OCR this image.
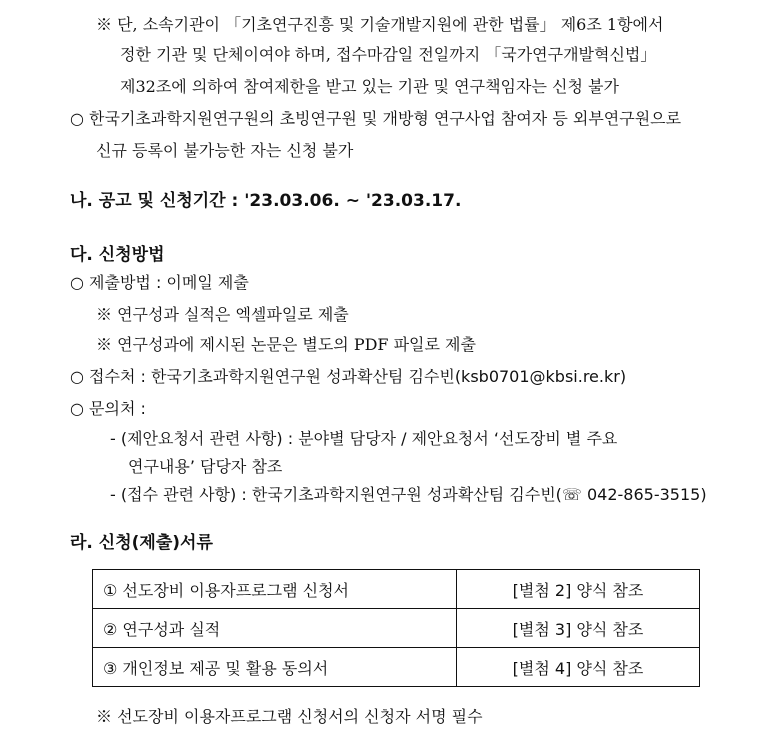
※ 단, 소속기관이 「기초연구진흥 및 기술개발지원에 관한 법률」 제6조 1항에서
정한 기관 및 단체이여야 하며, 접수마감일 전일까지 「국가연구개발혁신법」
제32조에 의하여 참여제한을 받고 있는 기관 및 연구책임자는 신청 불가
○ 한국기초과학지원연구원의 초빙연구원 및 개방형 연구사업 참여자 등 외부연구원으로
신규 등록이 불가능한 자는 신청 불가
나. 공고 및 신청기간 : '23.03.06. ~ '23.03.17.
다. 신청방법
○ 제출방법 : 이메일 제출
※ 연구성과 실적은 엑셀파일로 제출
※ 연구성과에 제시된 논문은 별도의 PDF 파일로 제출
○ 접수처 : 한국기초과학지원연구원 성과확산팀 김수빈(ksb0701@kbsi.re.kr)
○ 문의처 :
- (제안요청서 관련 사항) : 분야별 담당자 / 제안요청서 ‘선도장비 별 주요
연구내용’ 담당자 참조
- (접수 관련 사항) : 한국기초과학지원연구원 성과확산팀 김수빈(☏ 042-865-3515)
라. 신청(제출)서류
① 선도장비 이용자프로그램 신청서	[별첨 2] 양식 참조
② 연구성과 실적	[별첨 3] 양식 참조
③ 개인정보 제공 및 활용 동의서	[별첨 4] 양식 참조
※ 선도장비 이용자프로그램 신청서의 신청자 서명 필수
